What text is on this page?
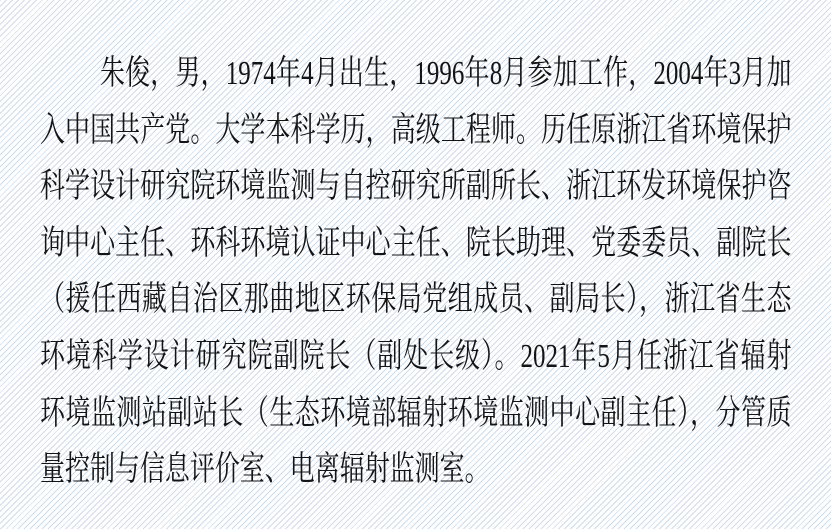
朱俊，男，1974年4月出生，1996年8月参加工作，2004年3月加
入中国共产党。大学本科学历，高级工程师。历任原浙江省环境保护
科学设计研究院环境监测与自控研究所副所长、浙江环发环境保护咨
询中心主任、环科环境认证中心主任、院长助理、党委委员、副院长
（援任西藏自治区那曲地区环保局党组成员、副局长），浙江省生态
环境科学设计研究院副院长（副处长级）。2021年5月任浙江省辐射
环境监测站副站长（生态环境部辐射环境监测中心副主任），分管质
量控制与信息评价室、电离辐射监测室。
